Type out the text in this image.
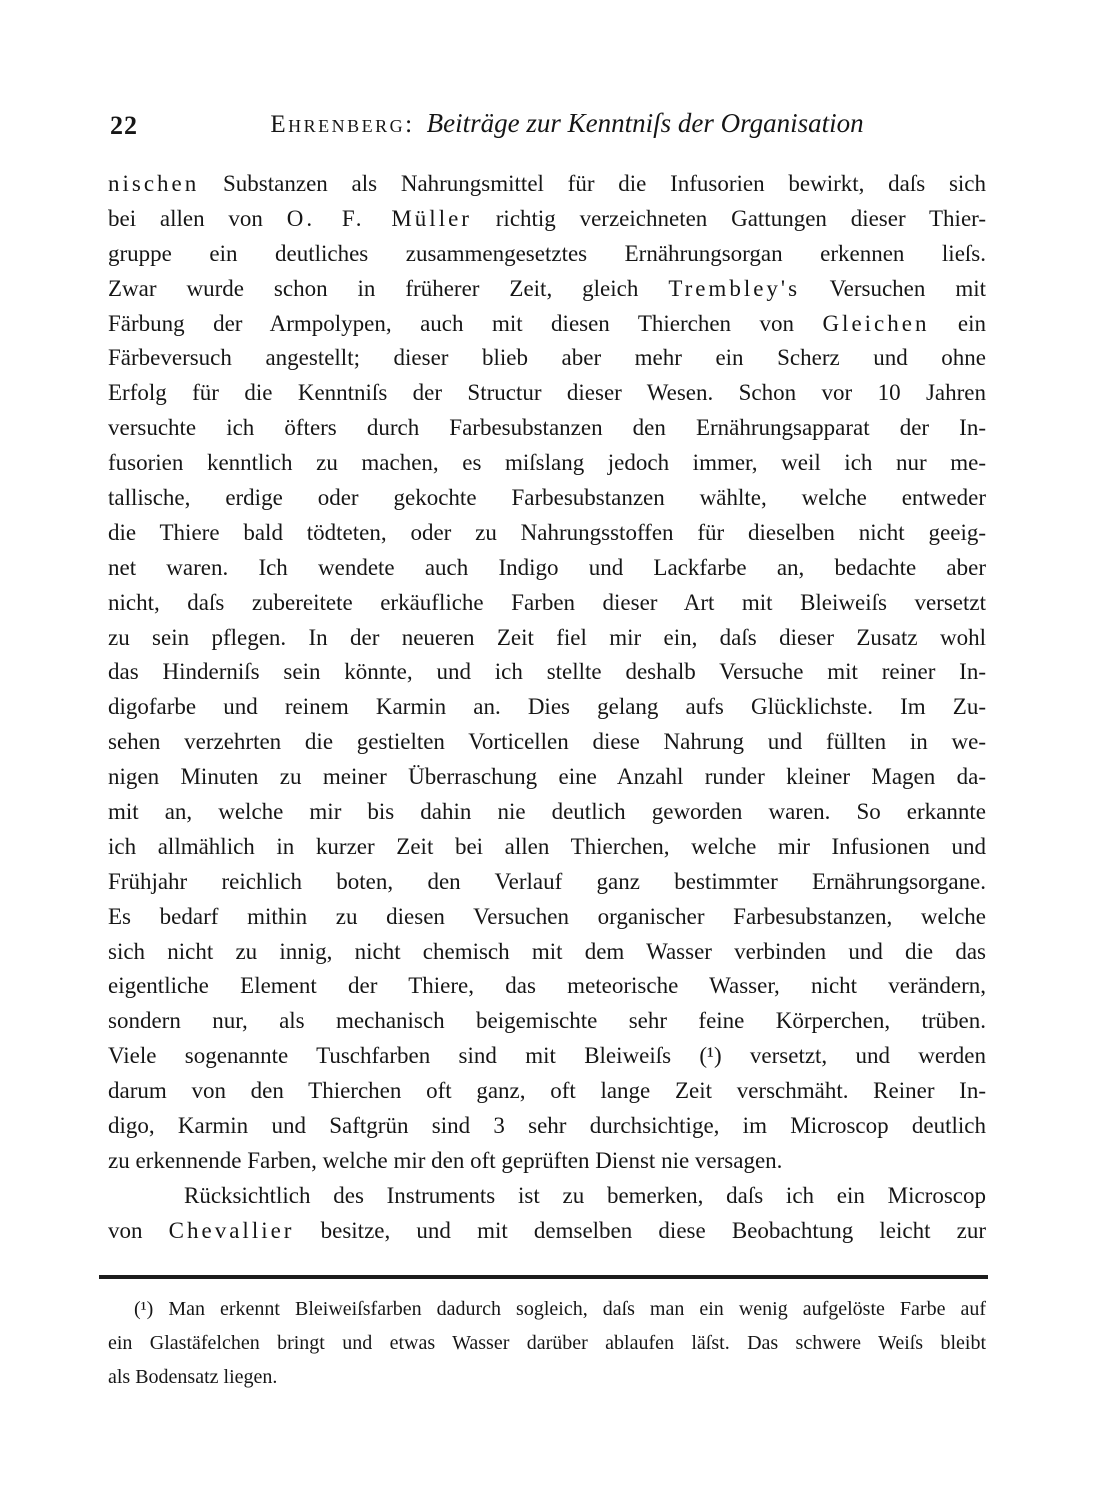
22	Ehrenberg: Beiträge zur Kenntniſs der Organisation
nischen Substanzen als Nahrungsmittel für die Infusorien bewirkt, daſs sich
bei allen von O. F. Müller richtig verzeichneten Gattungen dieser Thier-
gruppe ein deutliches zusammengesetztes Ernährungsorgan erkennen lieſs.
Zwar wurde schon in früherer Zeit, gleich Trembley's Versuchen mit
Färbung der Armpolypen, auch mit diesen Thierchen von Gleichen ein
Färbeversuch angestellt; dieser blieb aber mehr ein Scherz und ohne
Erfolg für die Kenntniſs der Structur dieser Wesen. Schon vor 10 Jahren
versuchte ich öfters durch Farbesubstanzen den Ernährungsapparat der In-
fusorien kenntlich zu machen, es miſslang jedoch immer, weil ich nur me-
tallische, erdige oder gekochte Farbesubstanzen wählte, welche entweder
die Thiere bald tödteten, oder zu Nahrungsstoffen für dieselben nicht geeig-
net waren. Ich wendete auch Indigo und Lackfarbe an, bedachte aber
nicht, daſs zubereitete erkäufliche Farben dieser Art mit Bleiweiſs versetzt
zu sein pflegen. In der neueren Zeit fiel mir ein, daſs dieser Zusatz wohl
das Hinderniſs sein könnte, und ich stellte deshalb Versuche mit reiner In-
digofarbe und reinem Karmin an. Dies gelang aufs Glücklichste. Im Zu-
sehen verzehrten die gestielten Vorticellen diese Nahrung und füllten in we-
nigen Minuten zu meiner Überraschung eine Anzahl runder kleiner Magen da-
mit an, welche mir bis dahin nie deutlich geworden waren. So erkannte
ich allmählich in kurzer Zeit bei allen Thierchen, welche mir Infusionen und
Frühjahr reichlich boten, den Verlauf ganz bestimmter Ernährungsorgane.
Es bedarf mithin zu diesen Versuchen organischer Farbesubstanzen, welche
sich nicht zu innig, nicht chemisch mit dem Wasser verbinden und die das
eigentliche Element der Thiere, das meteorische Wasser, nicht verändern,
sondern nur, als mechanisch beigemischte sehr feine Körperchen, trüben.
Viele sogenannte Tuschfarben sind mit Bleiweiſs (¹) versetzt, und werden
darum von den Thierchen oft ganz, oft lange Zeit verschmäht. Reiner In-
digo, Karmin und Saftgrün sind 3 sehr durchsichtige, im Microscop deutlich
zu erkennende Farben, welche mir den oft geprüften Dienst nie versagen.
Rücksichtlich des Instruments ist zu bemerken, daſs ich ein Microscop
von Chevallier besitze, und mit demselben diese Beobachtung leicht zur
(¹) Man erkennt Bleiweiſsfarben dadurch sogleich, daſs man ein wenig aufgelöste Farbe auf
ein Glastäfelchen bringt und etwas Wasser darüber ablaufen läſst. Das schwere Weiſs bleibt
als Bodensatz liegen.
